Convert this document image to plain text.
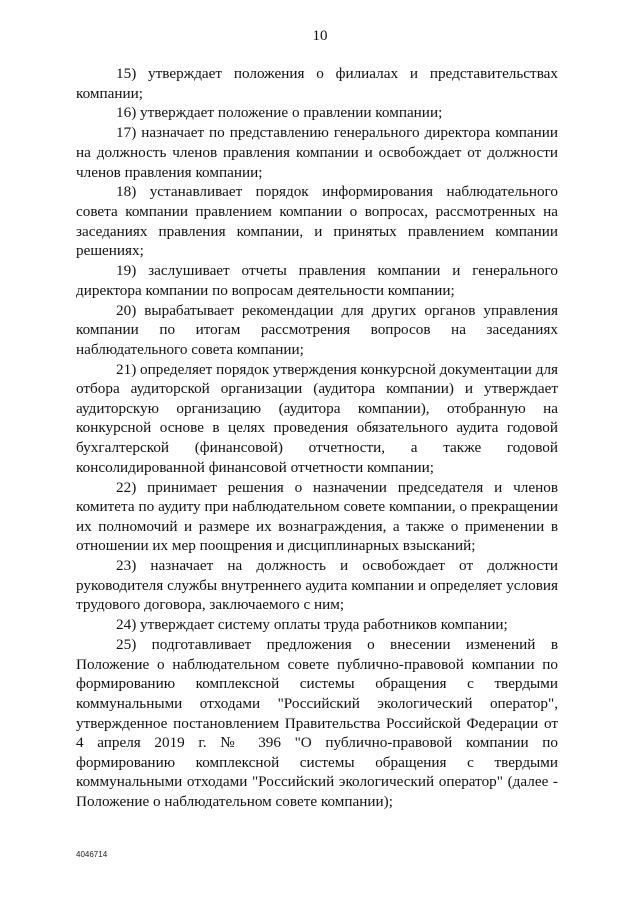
10

15) утверждает положения о филиалах и представительствах компании;

16) утверждает положение о правлении компании;

17) назначает по представлению генерального директора компании на должность членов правления компании и освобождает от должности членов правления компании;

18) устанавливает порядок информирования наблюдательного совета компании правлением компании о вопросах, рассмотренных на заседаниях правления компании, и принятых правлением компании решениях;

19) заслушивает отчеты правления компании и генерального директора компании по вопросам деятельности компании;

20) вырабатывает рекомендации для других органов управления компании по итогам рассмотрения вопросов на заседаниях наблюдательного совета компании;

21) определяет порядок утверждения конкурсной документации для отбора аудиторской организации (аудитора компании) и утверждает аудиторскую организацию (аудитора компании), отобранную на конкурсной основе в целях проведения обязательного аудита годовой бухгалтерской (финансовой) отчетности, а также годовой консолидированной финансовой отчетности компании;

22) принимает решения о назначении председателя и членов комитета по аудиту при наблюдательном совете компании, о прекращении их полномочий и размере их вознаграждения, а также о применении в отношении их мер поощрения и дисциплинарных взысканий;

23) назначает на должность и освобождает от должности руководителя службы внутреннего аудита компании и определяет условия трудового договора, заключаемого с ним;

24) утверждает систему оплаты труда работников компании;

25) подготавливает предложения о внесении изменений в Положение о наблюдательном совете публично-правовой компании по формированию комплексной системы обращения с твердыми коммунальными отходами "Российский экологический оператор", утвержденное постановлением Правительства Российской Федерации от 4 апреля 2019 г. № 396 "О публично-правовой компании по формированию комплексной системы обращения с твердыми коммунальными отходами "Российский экологический оператор" (далее - Положение о наблюдательном совете компании);

4046714
